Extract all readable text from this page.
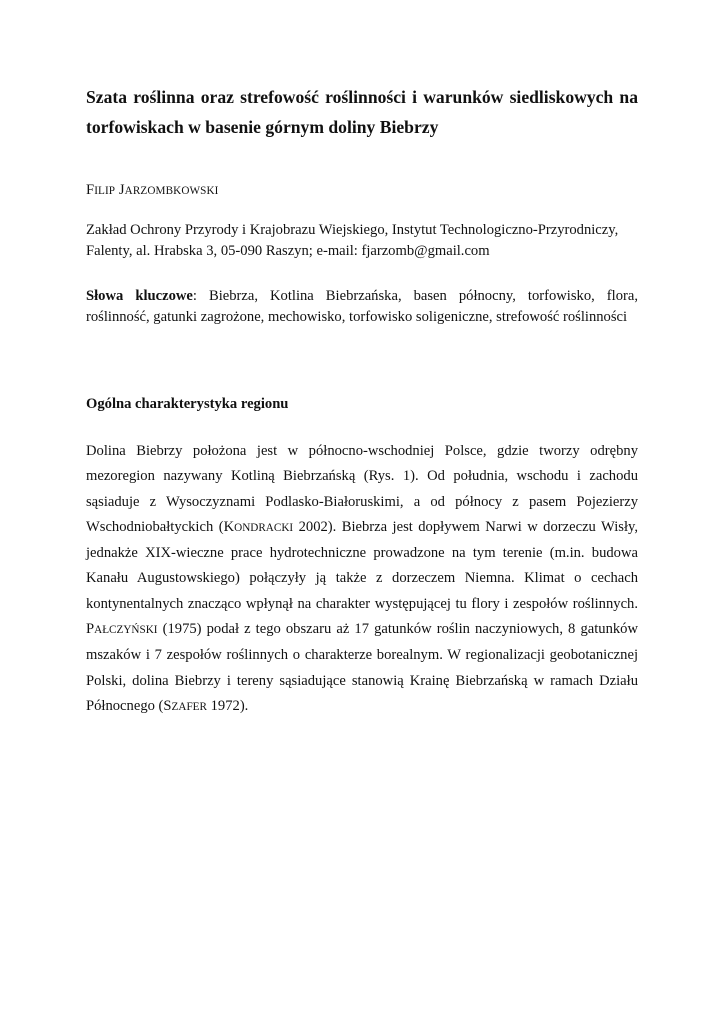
Szata roślinna oraz strefowość roślinności i warunków siedliskowych na
torfowiskach w basenie górnym doliny Biebrzy

FILIP JARZOMBKOWSKI

Zakład Ochrony Przyrody i Krajobrazu Wiejskiego, Instytut Technologiczno-Przyrodniczy, Falenty, al. Hrabska 3, 05-090 Raszyn; e-mail: fjarzomb@gmail.com

Słowa kluczowe: Biebrza, Kotlina Biebrzańska, basen północny, torfowisko, flora,
roślinność, gatunki zagrożone, mechowisko, torfowisko soligeniczne, strefowość roślinności

Ogólna charakterystyka regionu
Dolina Biebrzy położona jest w północno-wschodniej Polsce, gdzie tworzy odrębny
mezoregion nazywany Kotliną Biebrzańską (Rys. 1). Od południa, wschodu i zachodu
sąsiaduje z Wysoczyznami Podlasko-Białoruskimi, a od północy z pasem Pojezierzy
Wschodniobałtyckich (KONDRACKI 2002). Biebrza jest dopływem Narwi w dorzeczu Wisły,
jednakże XIX-wieczne prace hydrotechniczne prowadzone na tym terenie (m.in. budowa
Kanału Augustowskiego) połączyły ją także z dorzeczem Niemna. Klimat o cechach
kontynentalnych znacząco wpłynął na charakter występującej tu flory i zespołów roślinnych.
PAŁCZYŃSKI (1975) podał z tego obszaru aż 17 gatunków roślin naczyniowych, 8 gatunków
mszaków i 7 zespołów roślinnych o charakterze borealnym. W regionalizacji geobotanicznej
Polski, dolina Biebrzy i tereny sąsiadujące stanowią Krainę Biebrzańską w ramach Działu
Północnego (SZAFER 1972).
